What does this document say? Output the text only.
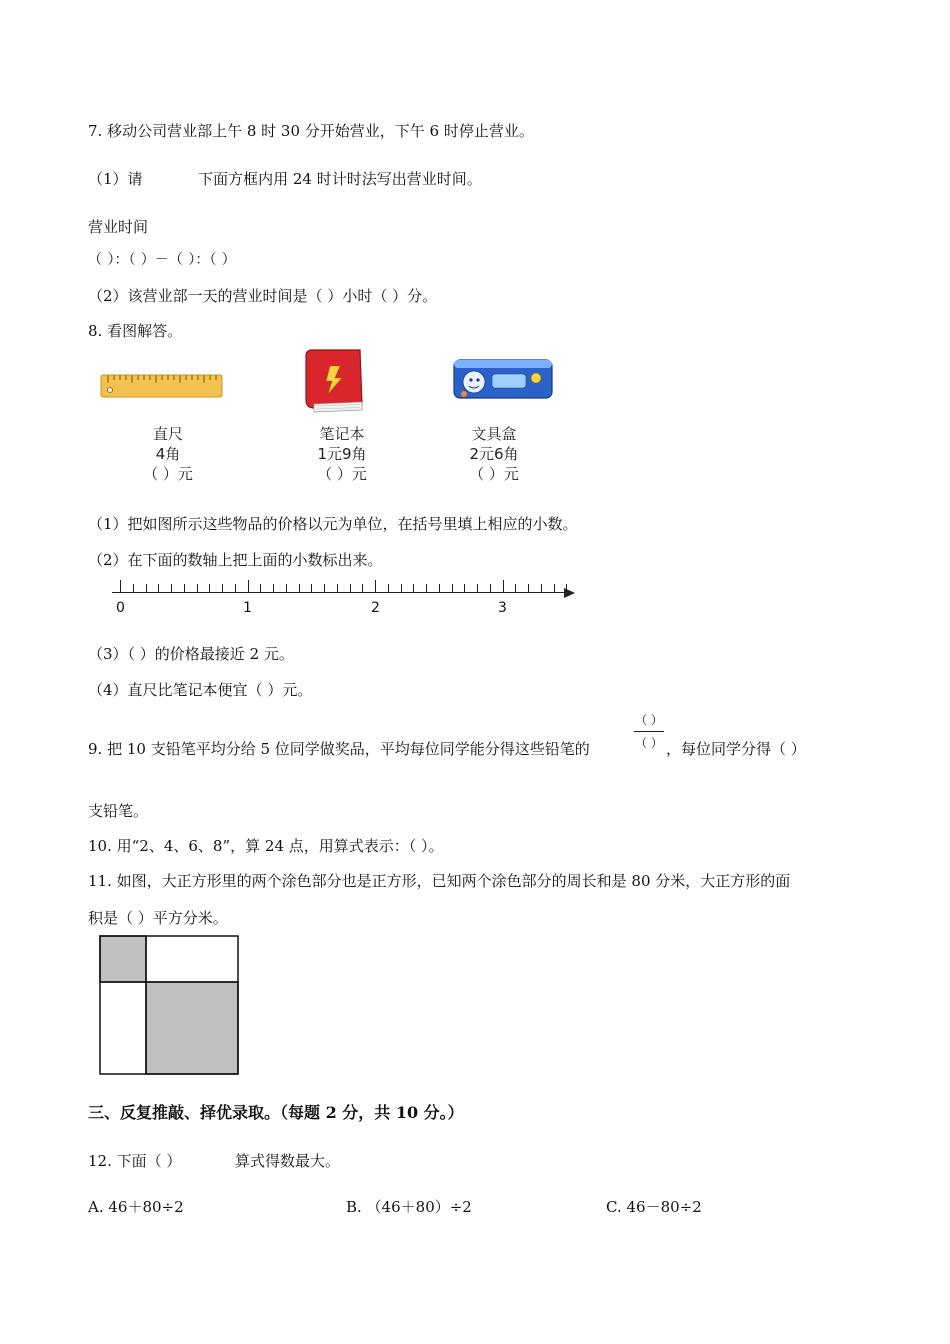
7. 移动公司营业部上午 8 时 30 分开始营业，下午 6 时停止营业。
（1）请	下面方框内用 24 时计时法写出营业时间。
营业时间
（ ）：（ ）－（ ）：（ ）
（2）该营业部一天的营业时间是（ ）小时（ ）分。
8. 看图解答。
直尺
4角
（ ）元
笔记本
1元9角
（ ）元
文具盒
2元6角
（ ）元
（1）把如图所示这些物品的价格以元为单位，在括号里填上相应的小数。
（2）在下面的数轴上把上面的小数标出来。
0	1	2	3
（3）（ ）的价格最接近 2 元。
（4）直尺比笔记本便宜（ ）元。
9. 把 10 支铅笔平均分给 5 位同学做奖品，平均每位同学能分得这些铅笔的
（ ）
（ ） ，每位同学分得（ ）
支铅笔。
10. 用“2、4、6、8”，算 24 点，用算式表示：（ ）。
11. 如图，大正方形里的两个涂色部分也是正方形，已知两个涂色部分的周长和是 80 分米，大正方形的面
积是（ ）平方分米。
三、反复推敲、择优录取。（每题 2 分，共 10 分。）
12. 下面（ ）	算式得数最大。
A. 46＋80÷2	B. （46＋80）÷2	C. 46－80÷2
